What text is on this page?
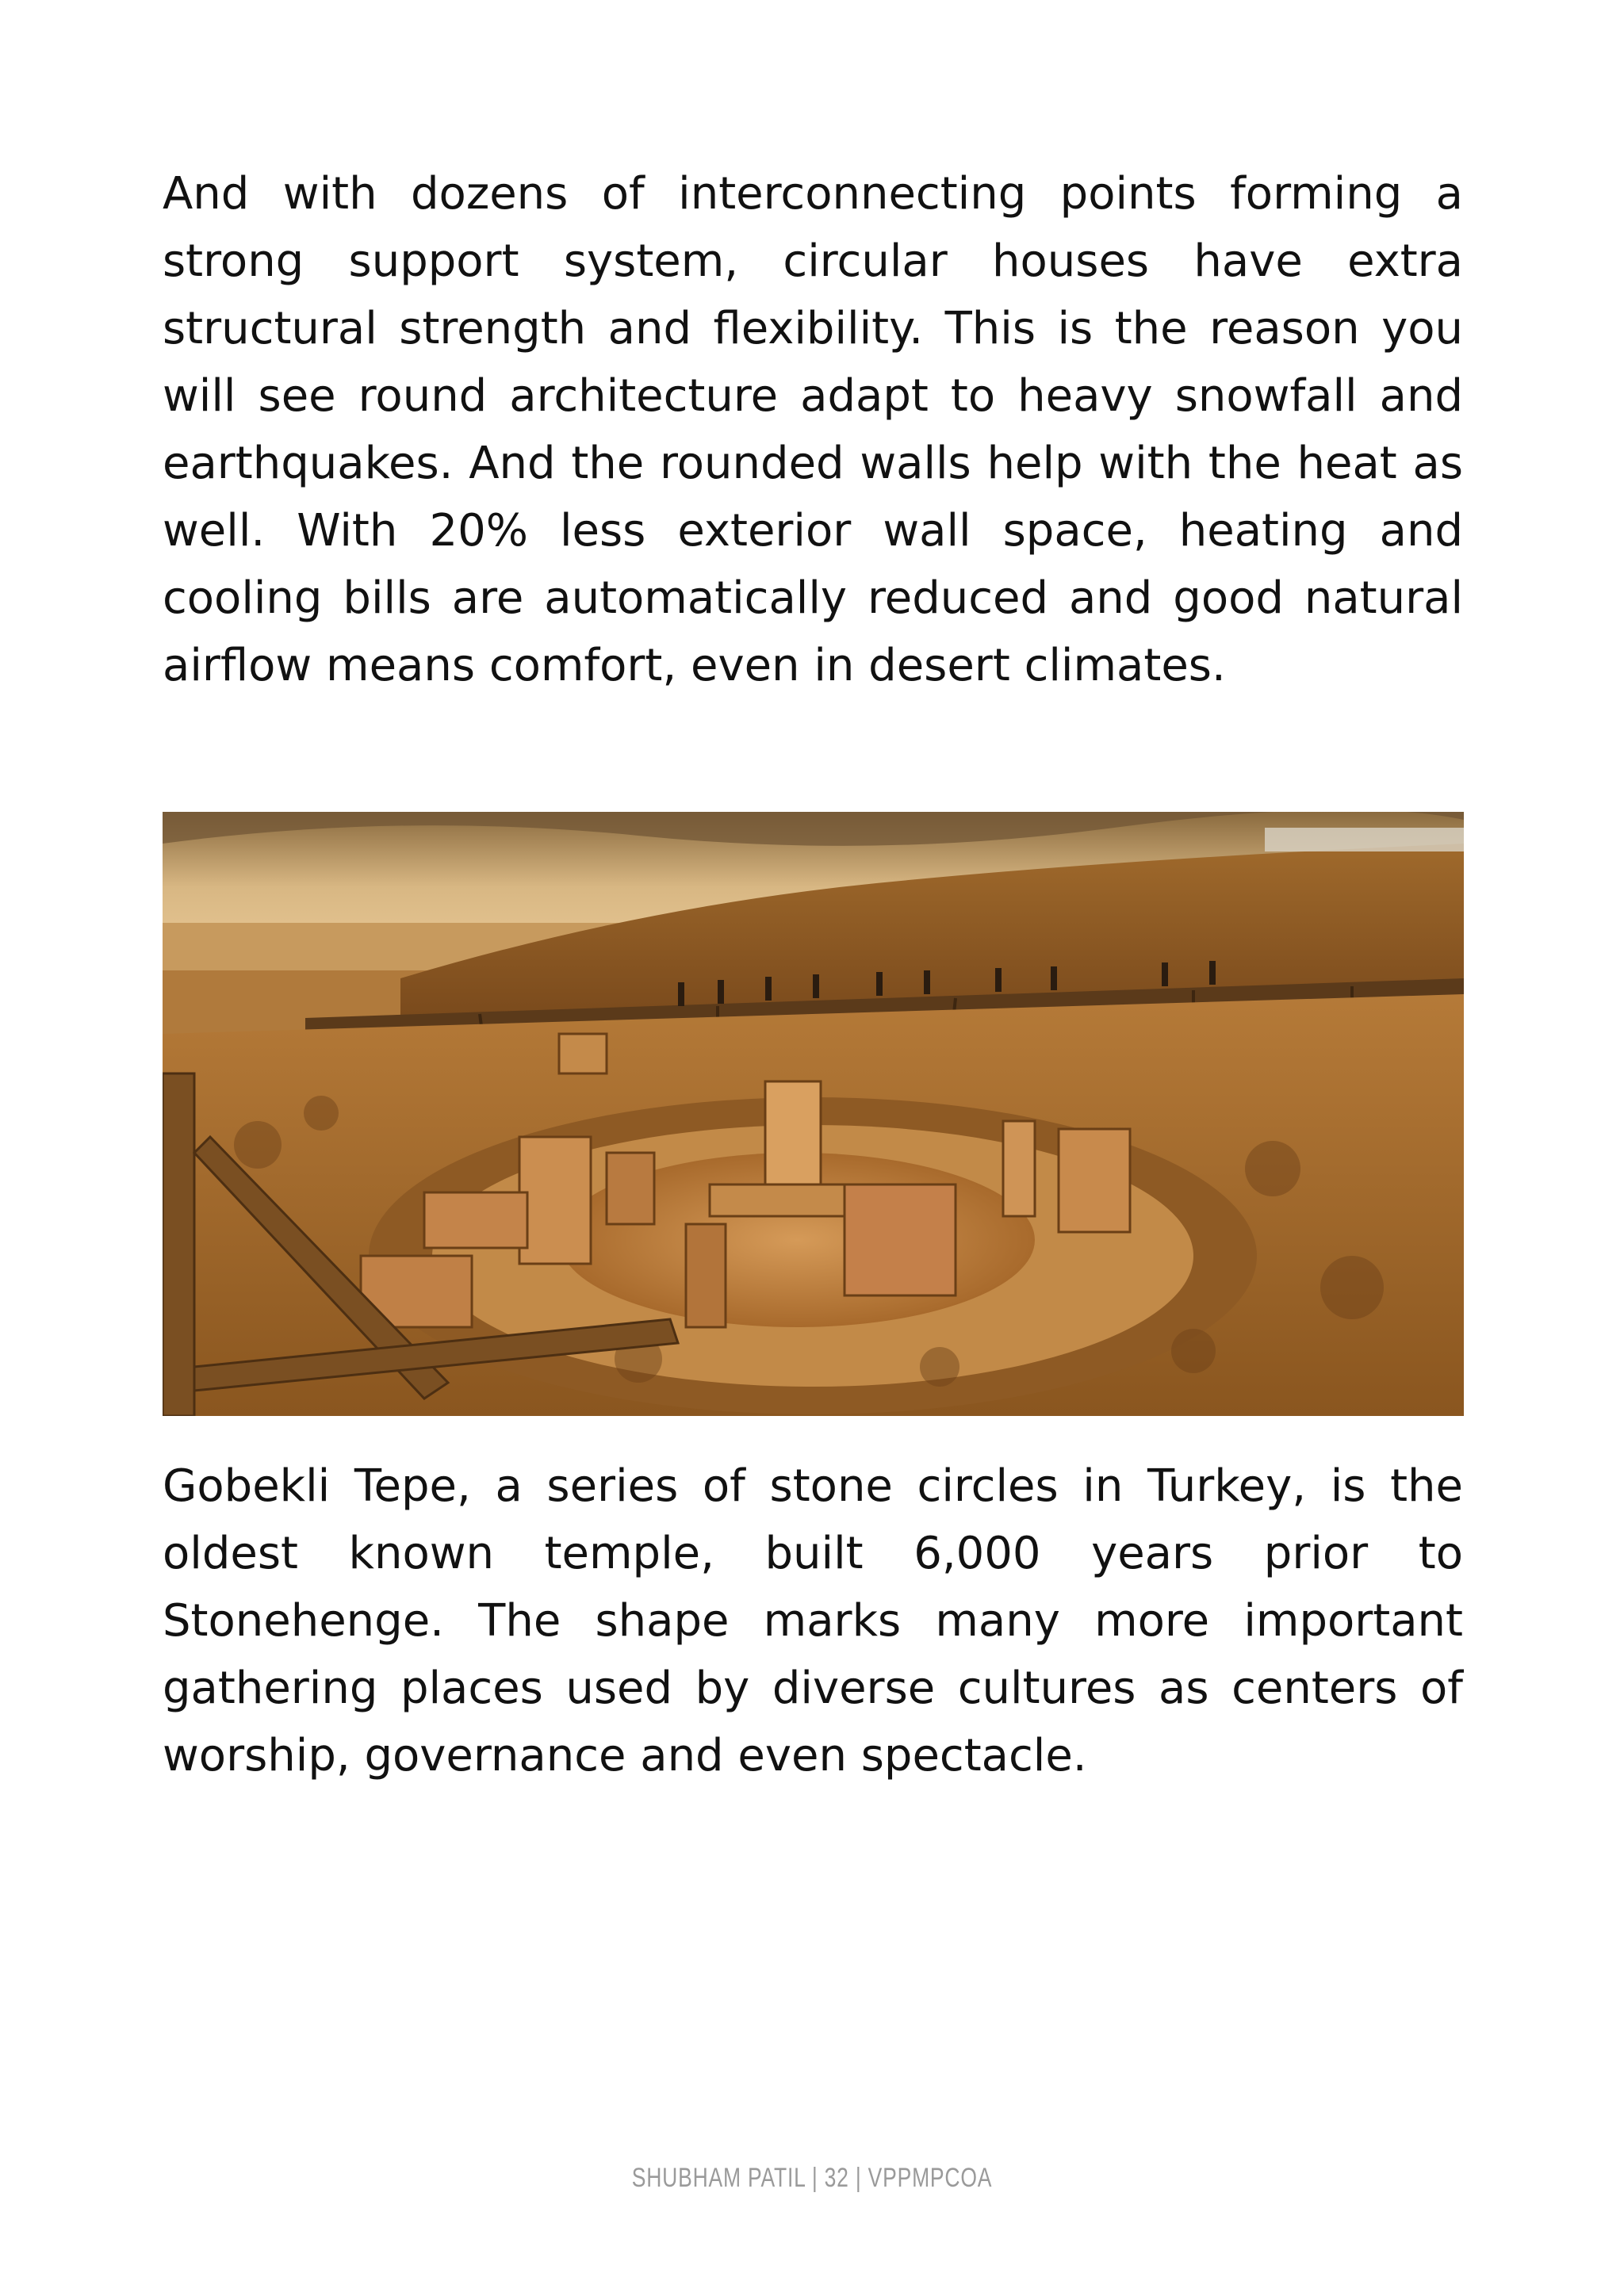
And with dozens of interconnecting points forming a strong support system, circular houses have extra structural strength and flexibility. This is the reason you will see round architecture adapt to heavy snowfall and earthquakes. And the rounded walls help with the heat as well. With 20% less exterior wall space, heating and cooling bills are automatically reduced and good natural airflow means comfort, even in desert climates.

Gobekli Tepe, a series of stone circles in Turkey, is the oldest known temple, built 6,000 years prior to Stonehenge. The shape marks many more important gathering places used by diverse cultures as centers of worship, governance and even spectacle.

SHUBHAM PATIL | 32 | VPPMPCOA
